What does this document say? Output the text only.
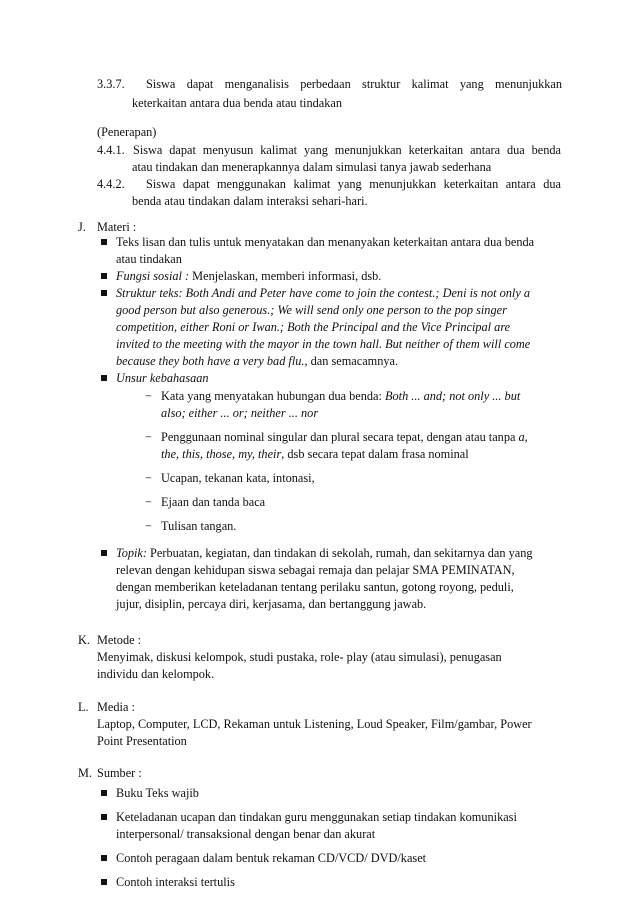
3.3.7. Siswa dapat menganalisis perbedaan struktur kalimat yang menunjukkan
keterkaitan antara dua benda atau tindakan
(Penerapan)
4.4.1. Siswa dapat menyusun kalimat yang menunjukkan keterkaitan antara dua benda
atau tindakan dan menerapkannya dalam simulasi tanya jawab sederhana
4.4.2. Siswa dapat menggunakan kalimat yang menunjukkan keterkaitan antara dua
benda atau tindakan dalam interaksi sehari-hari.
J. Materi :
Teks lisan dan tulis untuk menyatakan dan menanyakan keterkaitan antara dua benda
atau tindakan
Fungsi sosial : Menjelaskan, memberi informasi, dsb.
Struktur teks: Both Andi and Peter have come to join the contest.; Deni is not only a
good person but also generous.; We will send only one person to the pop singer
competition, either Roni or Iwan.; Both the Principal and the Vice Principal are
invited to the meeting with the mayor in the town hall. But neither of them will come
because they both have a very bad flu., dan semacamnya.
Unsur kebahasaan
− Kata yang menyatakan hubungan dua benda: Both ... and; not only ... but
also; either ... or; neither ... nor
− Penggunaan nominal singular dan plural secara tepat, dengan atau tanpa a,
the, this, those, my, their, dsb secara tepat dalam frasa nominal
− Ucapan, tekanan kata, intonasi,
− Ejaan dan tanda baca
− Tulisan tangan.
Topik: Perbuatan, kegiatan, dan tindakan di sekolah, rumah, dan sekitarnya dan yang
relevan dengan kehidupan siswa sebagai remaja dan pelajar SMA PEMINATAN,
dengan memberikan keteladanan tentang perilaku santun, gotong royong, peduli,
jujur, disiplin, percaya diri, kerjasama, dan bertanggung jawab.
K. Metode :
Menyimak, diskusi kelompok, studi pustaka, role- play (atau simulasi), penugasan
individu dan kelompok.
L. Media :
Laptop, Computer, LCD, Rekaman untuk Listening, Loud Speaker, Film/gambar, Power
Point Presentation
M. Sumber :
Buku Teks wajib
Keteladanan ucapan dan tindakan guru menggunakan setiap tindakan komunikasi
interpersonal/ transaksional dengan benar dan akurat
Contoh peragaan dalam bentuk rekaman CD/VCD/ DVD/kaset
Contoh interaksi tertulis
